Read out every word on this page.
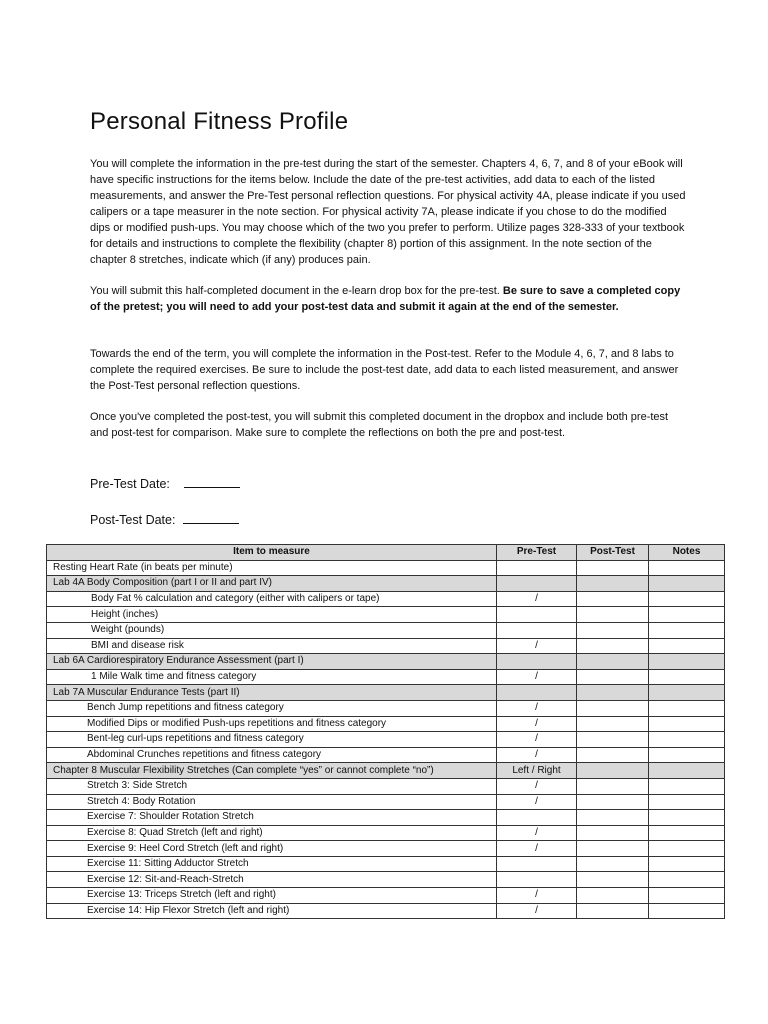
Personal Fitness Profile

You will complete the information in the pre-test during the start of the semester. Chapters 4, 6, 7, and 8 of your eBook will have specific instructions for the items below. Include the date of the pre-test activities, add data to each of the listed measurements, and answer the Pre-Test personal reflection questions. For physical activity 4A, please indicate if you used calipers or a tape measurer in the note section. For physical activity 7A, please indicate if you chose to do the modified dips or modified push-ups. You may choose which of the two you prefer to perform. Utilize pages 328-333 of your textbook for details and instructions to complete the flexibility (chapter 8) portion of this assignment. In the note section of the chapter 8 stretches, indicate which (if any) produces pain.

You will submit this half-completed document in the e-learn drop box for the pre-test. Be sure to save a completed copy of the pretest; you will need to add your post-test data and submit it again at the end of the semester.

Towards the end of the term, you will complete the information in the Post-test. Refer to the Module 4, 6, 7, and 8 labs to complete the required exercises. Be sure to include the post-test date, add data to each listed measurement, and answer the Post-Test personal reflection questions.

Once you've completed the post-test, you will submit this completed document in the dropbox and include both pre-test and post-test for comparison. Make sure to complete the reflections on both the pre and post-test.

Pre-Test Date:
Post-Test Date:
Item to measure	Pre-Test	Post-Test	Notes
Resting Heart Rate (in beats per minute)			
Lab 4A Body Composition (part I or II and part IV)			
Body Fat % calculation and category (either with calipers or tape)	/		
Height (inches)			
Weight (pounds)			
BMI and disease risk	/		
Lab 6A Cardiorespiratory Endurance Assessment (part I)			
1 Mile Walk time and fitness category	/		
Lab 7A Muscular Endurance Tests (part II)			
Bench Jump repetitions and fitness category	/		
Modified Dips or modified Push-ups repetitions and fitness category	/		
Bent-leg curl-ups repetitions and fitness category	/		
Abdominal Crunches repetitions and fitness category	/		
Chapter 8 Muscular Flexibility Stretches (Can complete “yes” or cannot complete “no”)	Left / Right		
Stretch 3: Side Stretch	/		
Stretch 4: Body Rotation	/		
Exercise 7: Shoulder Rotation Stretch			
Exercise 8: Quad Stretch (left and right)	/		
Exercise 9: Heel Cord Stretch (left and right)	/		
Exercise 11: Sitting Adductor Stretch			
Exercise 12: Sit-and-Reach-Stretch			
Exercise 13: Triceps Stretch (left and right)	/		
Exercise 14: Hip Flexor Stretch (left and right)	/		
